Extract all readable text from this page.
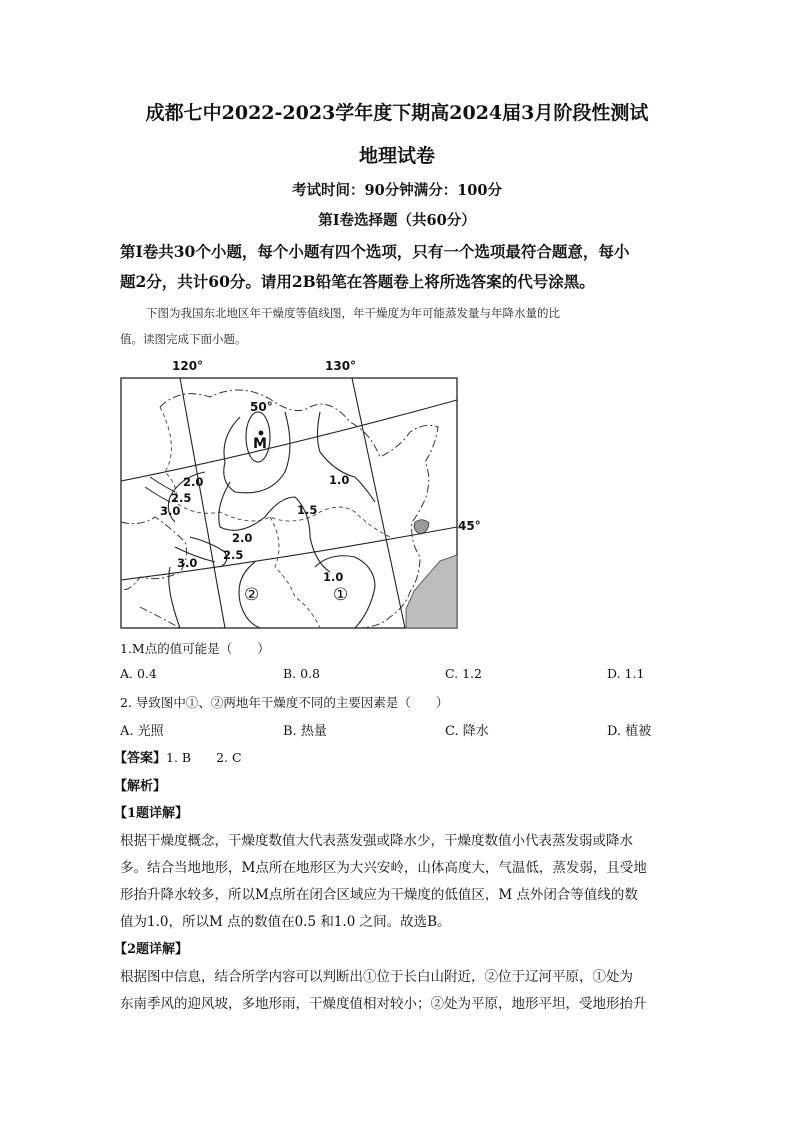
成都七中2022-2023学年度下期高2024届3月阶段性测试
地理试卷
考试时间：90分钟满分：100分
第Ⅰ卷选择题（共60分）
第Ⅰ卷共30个小题，每个小题有四个选项，只有一个选项最符合题意，每小
题2分，共计60分。请用2B铅笔在答题卷上将所选答案的代号涂黑。
下图为我国东北地区年干燥度等值线图，年干燥度为年可能蒸发量与年降水量的比
值。读图完成下面小题。
120°	130°
50°
45°
M
2.0
2.5
3.0
1.0
1.5
2.0
2.5
3.0
1.0
②	①
1.M点的值可能是（　　）
A. 0.4	B. 0.8	C. 1.2	D. 1.1
2. 导致图中①、②两地年干燥度不同的主要因素是（　　）
A. 光照	B. 热量	C. 降水	D. 植被
【答案】1. B　　2. C
【解析】
【1题详解】
根据干燥度概念，干燥度数值大代表蒸发强或降水少，干燥度数值小代表蒸发弱或降水
多。结合当地地形，M点所在地形区为大兴安岭，山体高度大，气温低，蒸发弱，且受地
形抬升降水较多，所以M点所在闭合区域应为干燥度的低值区，M 点外闭合等值线的数
值为1.0，所以M 点的数值在0.5 和1.0 之间。故选B。
【2题详解】
根据图中信息，结合所学内容可以判断出①位于长白山附近，②位于辽河平原，①处为
东南季风的迎风坡，多地形雨，干燥度值相对较小；②处为平原，地形平坦，受地形抬升
